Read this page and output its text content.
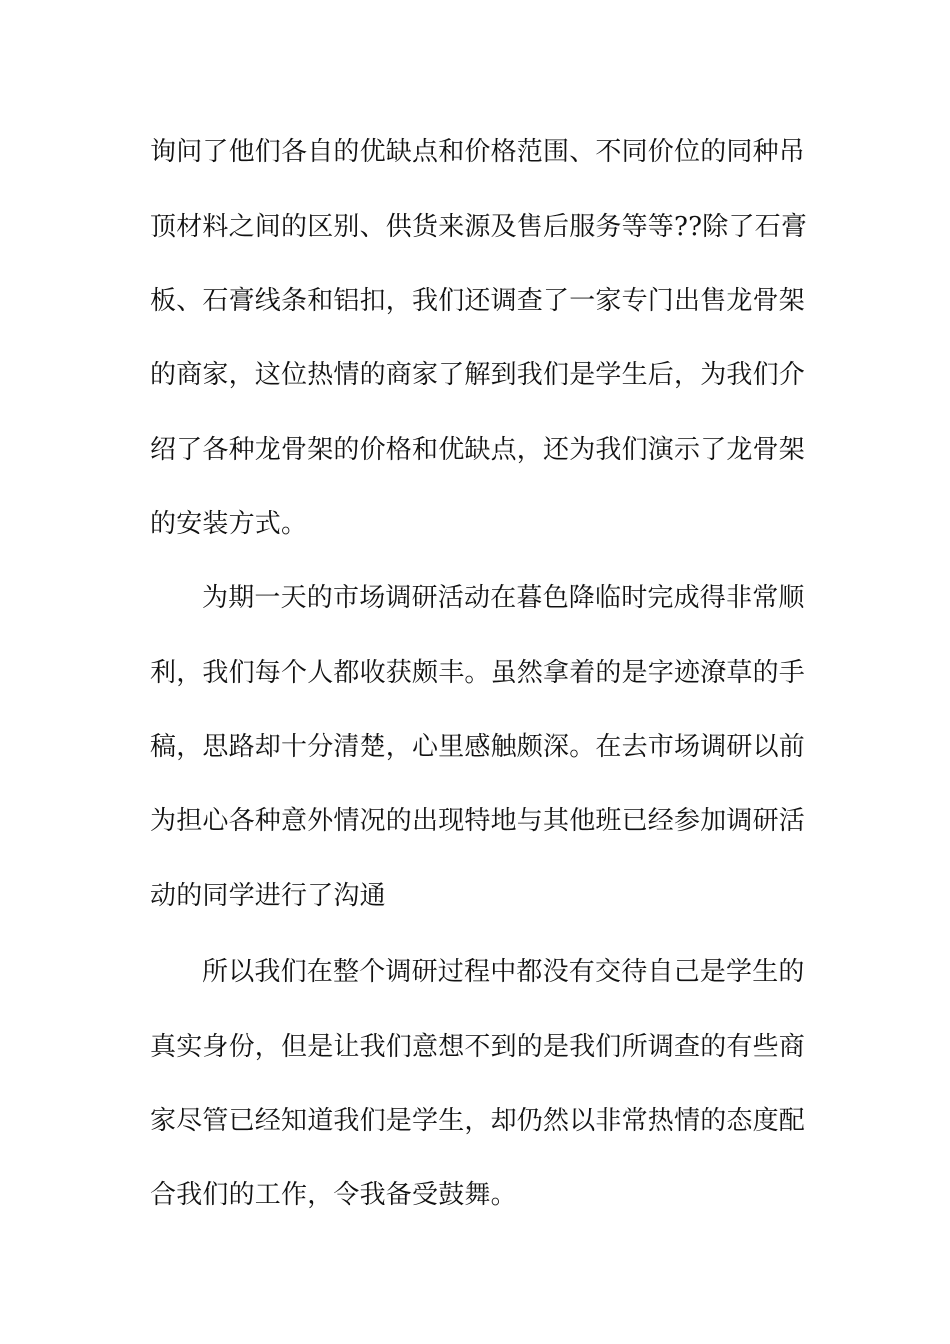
询问了他们各自的优缺点和价格范围、不同价位的同种吊
顶材料之间的区别、供货来源及售后服务等等??除了石膏
板、石膏线条和铝扣，我们还调查了一家专门出售龙骨架
的商家，这位热情的商家了解到我们是学生后，为我们介
绍了各种龙骨架的价格和优缺点，还为我们演示了龙骨架
的安装方式。
为期一天的市场调研活动在暮色降临时完成得非常顺
利，我们每个人都收获颇丰。虽然拿着的是字迹潦草的手
稿，思路却十分清楚，心里感触颇深。在去市场调研以前
为担心各种意外情况的出现特地与其他班已经参加调研活
动的同学进行了沟通
所以我们在整个调研过程中都没有交待自己是学生的
真实身份，但是让我们意想不到的是我们所调查的有些商
家尽管已经知道我们是学生，却仍然以非常热情的态度配
合我们的工作，令我备受鼓舞。
